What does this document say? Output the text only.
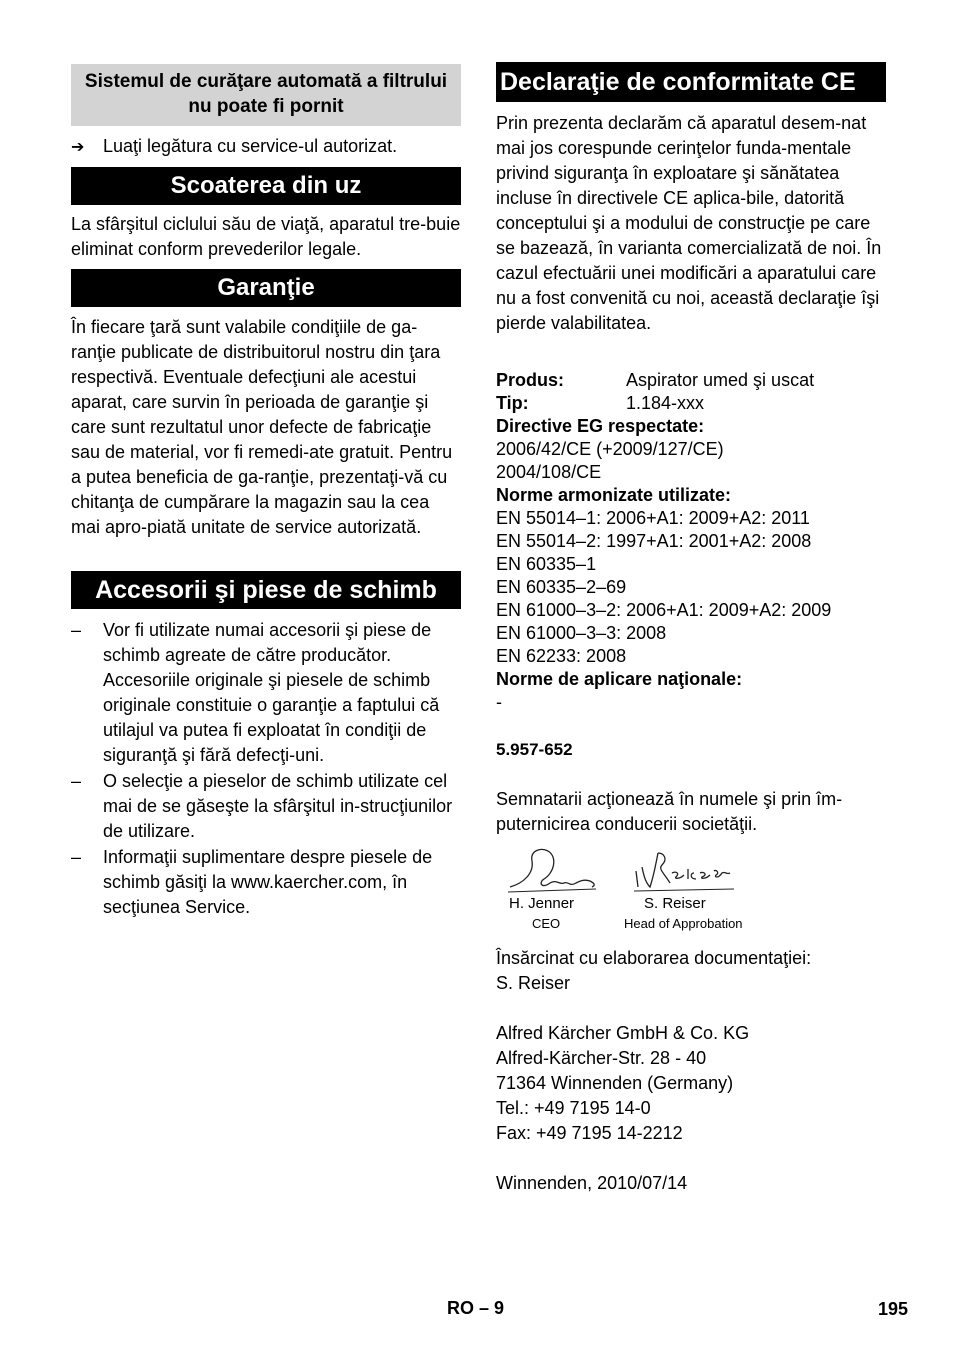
Sistemul de curăţare automată a filtrului nu poate fi pornit
➔ Luaţi legătura cu service-ul autorizat.
Scoaterea din uz

La sfârşitul ciclului său de viaţă, aparatul tre-buie eliminat conform prevederilor legale.

Garanţie

În fiecare ţară sunt valabile condiţiile de ga-ranţie publicate de distribuitorul nostru din ţara respectivă. Eventuale defecţiuni ale acestui aparat, care survin în perioada de garanţie şi care sunt rezultatul unor defecte de fabricaţie sau de material, vor fi remedi-ate gratuit. Pentru a putea beneficia de ga-ranţie, prezentaţi-vă cu chitanţa de cumpărare la magazin sau la cea mai apro-piată unitate de service autorizată.

Accesorii şi piese de schimb
– Vor fi utilizate numai accesorii şi piese de schimb agreate de către producător. Accesoriile originale şi piesele de schimb originale constituie o garanţie a faptului că utilajul va putea fi exploatat în condiţii de siguranţă şi fără defecţi-uni.
– O selecţie a pieselor de schimb utilizate cel mai de se găseşte la sfârşitul in-strucţiunilor de utilizare.
– Informaţii suplimentare despre piesele de schimb găsiţi la www.kaercher.com, în secţiunea Service.
Declaraţie de conformitate CE

Prin prezenta declarăm că aparatul desem-nat mai jos corespunde cerinţelor funda-mentale privind siguranţa în exploatare şi sănătatea incluse în directivele CE aplica-bile, datorită conceptului şi a modului de construcţie pe care se bazează, în varianta comercializată de noi. În cazul efectuării unei modificări a aparatului care nu a fost convenită cu noi, această declaraţie îşi pierde valabilitatea.

Produs:	Aspirator umed şi uscat
Tip:	1.184-xxx
Directive EG respectate:
2006/42/CE (+2009/127/CE)
2004/108/CE
Norme armonizate utilizate:
EN 55014–1: 2006+A1: 2009+A2: 2011
EN 55014–2: 1997+A1: 2001+A2: 2008
EN 60335–1
EN 60335–2–69
EN 61000–3–2: 2006+A1: 2009+A2: 2009
EN 61000–3–3: 2008
EN 62233: 2008
Norme de aplicare naţionale:
-
5.957-652

Semnatarii acţionează în numele şi prin îm-puternicirea conducerii societăţii.

H. Jenner
CEO
S. Reiser
Head of Approbation
Însărcinat cu elaborarea documentaţiei:
S. Reiser
Alfred Kärcher GmbH & Co. KG
Alfred-Kärcher-Str. 28 - 40
71364 Winnenden (Germany)
Tel.: +49 7195 14-0
Fax: +49 7195 14-2212
Winnenden, 2010/07/14
RO – 9	195
